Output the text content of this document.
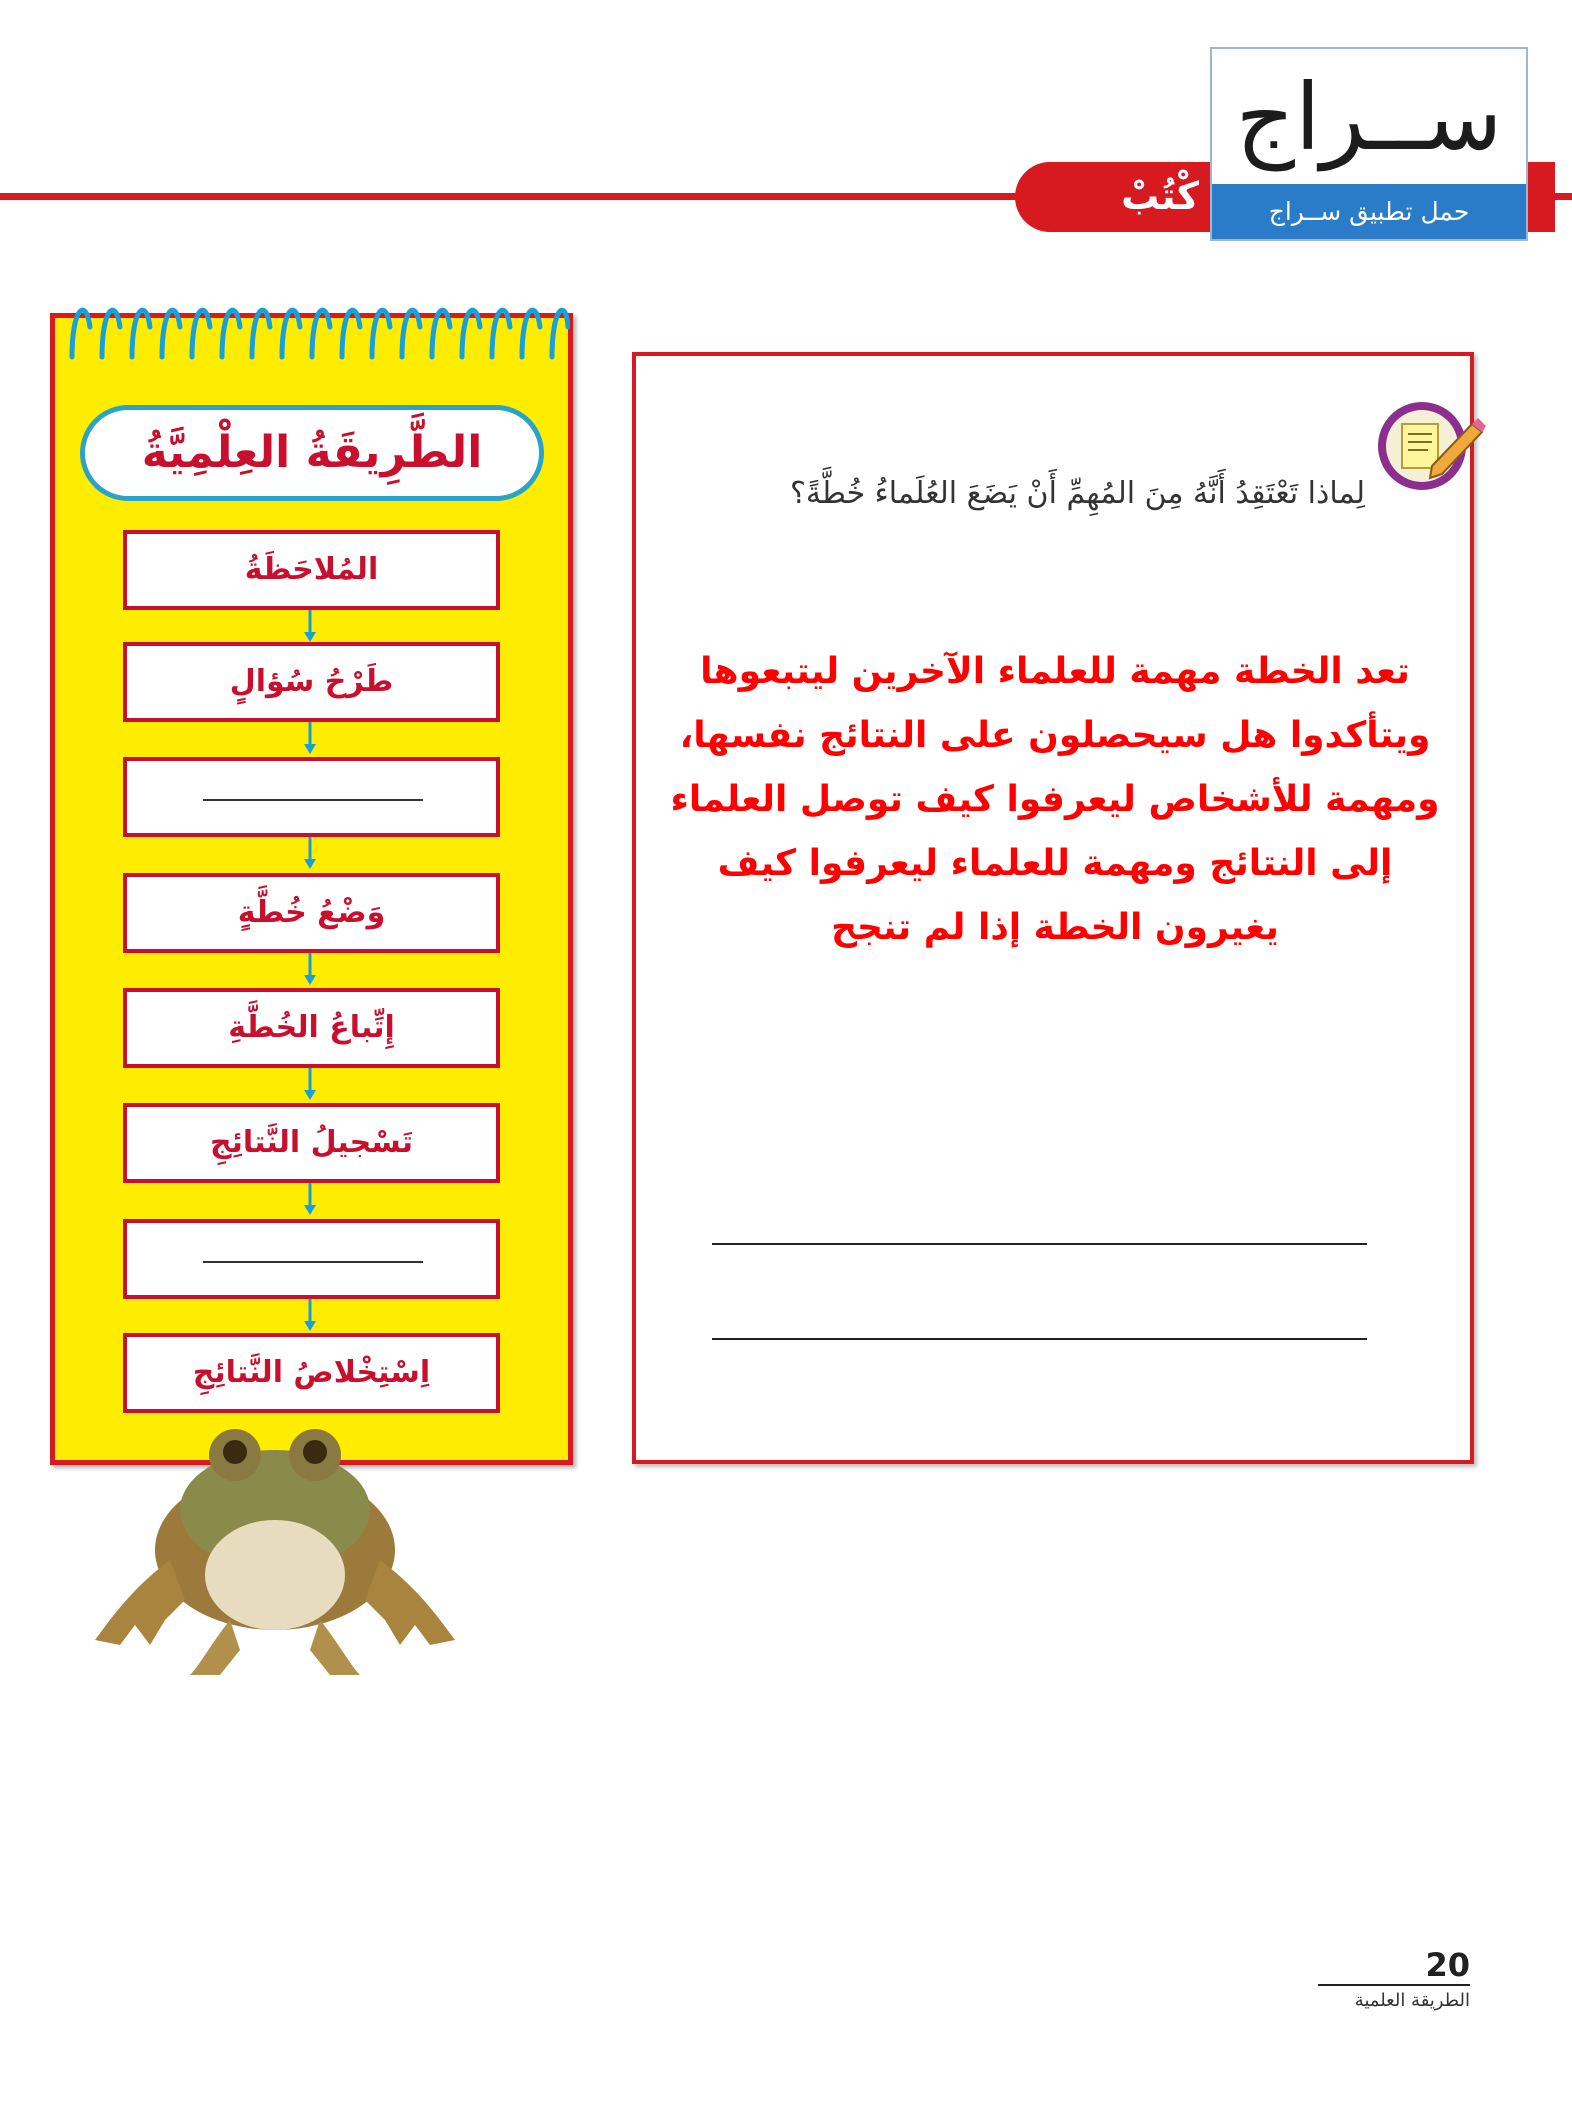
كْتُبْ
ســراج
حمل تطبيق ســراج
الطَّرِيقَةُ العِلْمِيَّةُ
المُلاحَظَةُ
طَرْحُ سُؤالٍ
وَضْعُ خُطَّةٍ
إِتِّباعُ الخُطَّةِ
تَسْجيلُ النَّتائِجِ
اِسْتِخْلاصُ النَّتائِجِ
لِماذا تَعْتَقِدُ أَنَّهُ مِنَ المُهِمِّ أَنْ يَضَعَ العُلَماءُ خُطَّةً؟
تعد الخطة مهمة للعلماء الآخرين ليتبعوها ويتأكدوا هل سيحصلون على النتائج نفسها، ومهمة للأشخاص ليعرفوا كيف توصل العلماء إلى النتائج ومهمة للعلماء ليعرفوا كيف يغيرون الخطة إذا لم تنجح
20
الطريقة العلمية
